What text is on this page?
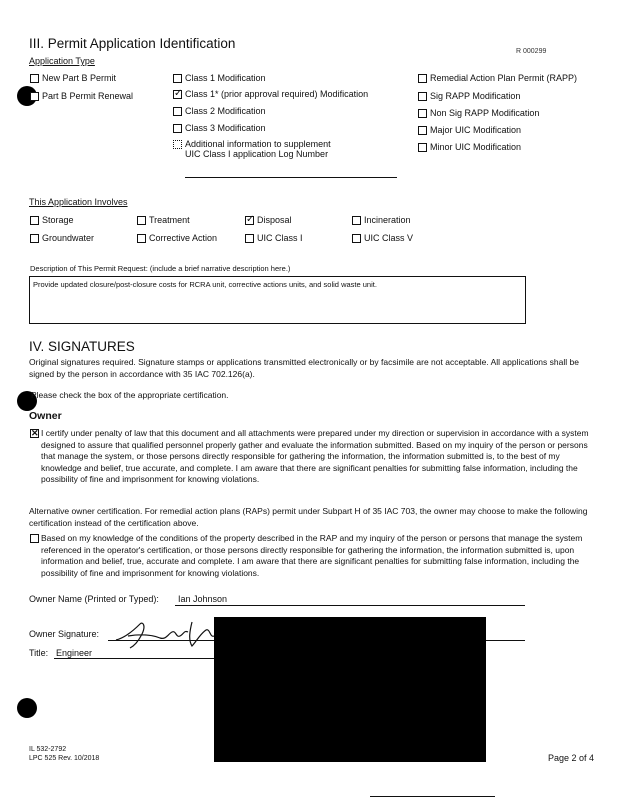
III. Permit Application Identification
R 000299
Application Type
New Part B Permit
Part B Permit Renewal
Class 1 Modification
✓
Class 1* (prior approval required) Modification
Class 2 Modification
Class 3 Modification
Additional information to supplement
UIC Class I application Log Number
Remedial Action Plan Permit (RAPP)
Sig RAPP Modification
Non Sig RAPP Modification
Major UIC Modification
Minor UIC Modification
This Application Involves
Storage	Treatment
✓	Disposal	Incineration
Groundwater	Corrective Action	UIC Class I	UIC Class V
Description of This Permit Request: (include a brief narrative description here.)
Provide updated closure/post-closure costs for RCRA unit, corrective actions units, and solid waste unit.
IV. SIGNATURES
Original signatures required. Signature stamps or applications transmitted electronically or by facsimile are not acceptable. All applications shall be signed by the person in accordance with 35 IAC 702.126(a).
Please check the box of the appropriate certification.
Owner
✕
I certify under penalty of law that this document and all attachments were prepared under my direction or supervision in accordance with a system designed to assure that qualified personnel properly gather and evaluate the information submitted. Based on my inquiry of the person or persons that manage the system, or those persons directly responsible for gathering the information, the information submitted is, to the best of my knowledge and belief, true accurate, and complete. I am aware that there are significant penalties for submitting false information, including the possibility of fine and imprisonment for knowing violations.
Alternative owner certification. For remedial action plans (RAPs) permit under Subpart H of 35 IAC 703, the owner may choose to make the following certification instead of the certification above.
Based on my knowledge of the conditions of the property described in the RAP and my inquiry of the person or persons that manage the system referenced in the operator's certification, or those persons directly responsible for gathering the information, the information submitted is, upon information and belief, true, accurate and complete. I am aware that there are significant penalties for submitting false information, including the possibility of fine and imprisonment for knowing violations.
Owner Name (Printed or Typed): Ian Johnson
Owner Signature:
Title: Engineer
IL 532-2792
LPC 525 Rev. 10/2018	Page 2 of 4
